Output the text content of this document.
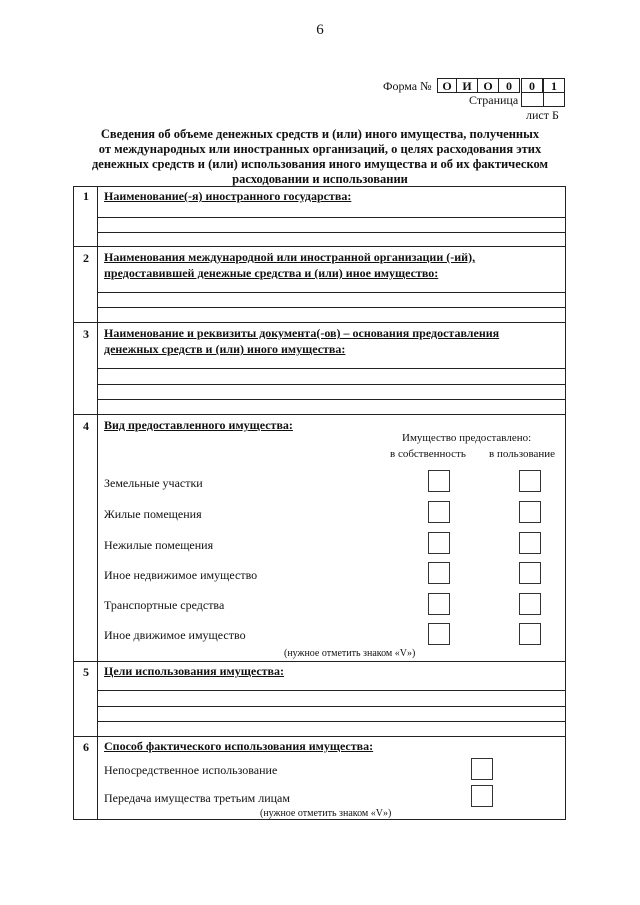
6
Форма № О И О	0	0	1
Страница
лист Б
Сведения об объеме денежных средств и (или) иного имущества, полученных
от международных или иностранных организаций, о целях расходования этих
денежных средств и (или) использования иного имущества и об их фактическом
расходовании и использовании
1	Наименование(-я) иностранного государства:
2	Наименования международной или иностранной организации (-ий),
предоставившей денежные средства и (или) иное имущество:
3	Наименование и реквизиты документа(-ов) – основания предоставления
денежных средств и (или) иного имущества:
4	Вид предоставленного имущества:
Имущество предоставлено:
в собственность в пользование
Земельные участки
Жилые помещения
Нежилые помещения
Иное недвижимое имущество
Транспортные средства
Иное движимое имущество
(нужное отметить знаком «V»)
5	Цели использования имущества:
6	Способ фактического использования имущества:
Непосредственное использование
Передача имущества третьим лицам
(нужное отметить знаком «V»)
